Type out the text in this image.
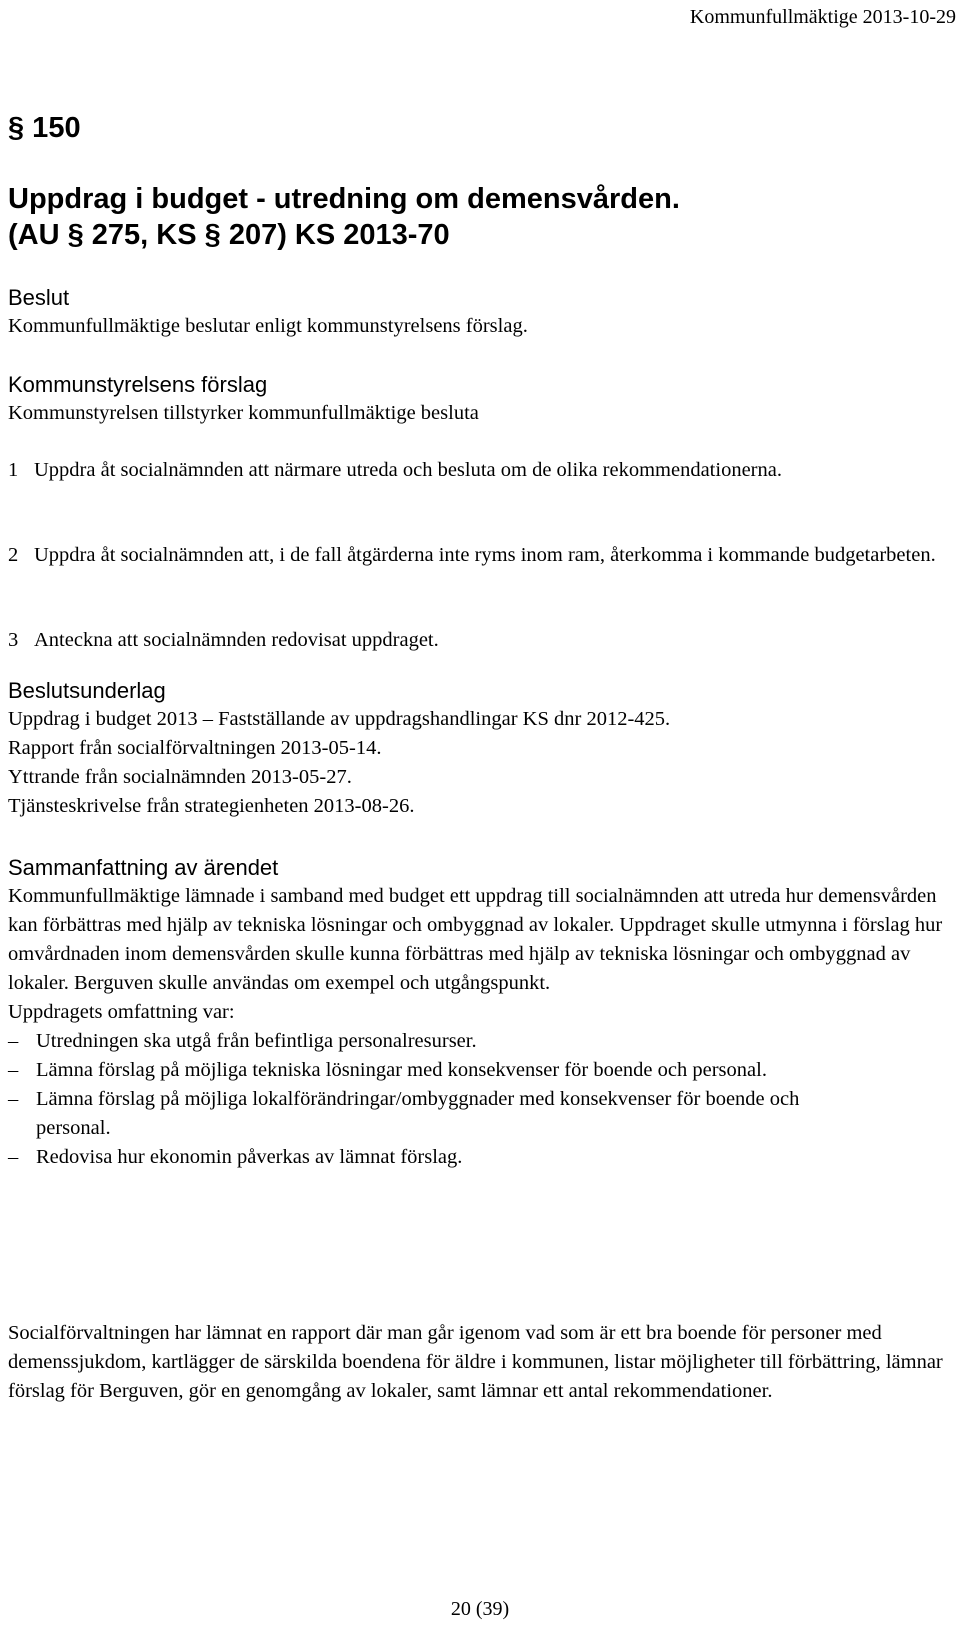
Kommunfullmäktige 2013-10-29
§ 150
Uppdrag i budget - utredning om demensvården.
(AU § 275, KS § 207) KS 2013-70
Beslut

Kommunfullmäktige beslutar enligt kommunstyrelsens förslag.

Kommunstyrelsens förslag

Kommunstyrelsen tillstyrker kommunfullmäktige besluta

1 Uppdra åt socialnämnden att närmare utreda och besluta om de olika rekommendationerna.
2 Uppdra åt socialnämnden att, i de fall åtgärderna inte ryms inom ram, återkomma i kommande budgetarbeten.
3 Anteckna att socialnämnden redovisat uppdraget.
Beslutsunderlag

Uppdrag i budget 2013 – Fastställande av uppdragshandlingar KS dnr 2012-425.

Rapport från socialförvaltningen 2013-05-14.

Yttrande från socialnämnden 2013-05-27.

Tjänsteskrivelse från strategienheten 2013-08-26.

Sammanfattning av ärendet

Kommunfullmäktige lämnade i samband med budget ett uppdrag till socialnämnden att utreda hur demensvården kan förbättras med hjälp av tekniska lösningar och ombyggnad av lokaler. Uppdraget skulle utmynna i förslag hur omvårdnaden inom demensvården skulle kunna förbättras med hjälp av tekniska lösningar och ombyggnad av lokaler. Berguven skulle användas om exempel och utgångspunkt.

Uppdragets omfattning var:

– Utredningen ska utgå från befintliga personalresurser.
– Lämna förslag på möjliga tekniska lösningar med konsekvenser för boende och personal.
– Lämna förslag på möjliga lokalförändringar/ombyggnader med konsekvenser för boende och personal.
– Redovisa hur ekonomin påverkas av lämnat förslag.
Socialförvaltningen har lämnat en rapport där man går igenom vad som är ett bra boende för personer med demenssjukdom, kartlägger de särskilda boendena för äldre i kommunen, listar möjligheter till förbättring, lämnar förslag för Berguven, gör en genomgång av lokaler, samt lämnar ett antal rekommendationer.
20 (39)
